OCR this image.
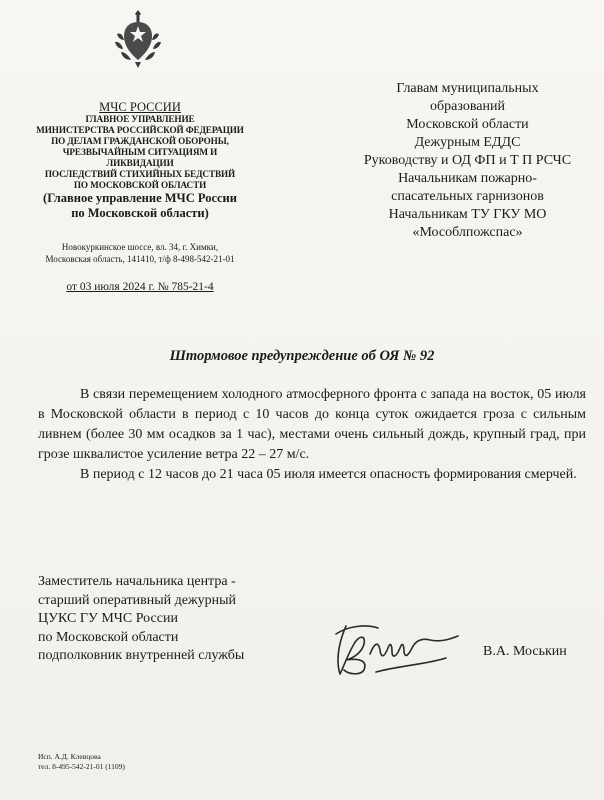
МЧС РОССИИ

ГЛАВНОЕ УПРАВЛЕНИЕ

МИНИСТЕРСТВА РОССИЙСКОЙ ФЕДЕРАЦИИ

ПО ДЕЛАМ ГРАЖДАНСКОЙ ОБОРОНЫ,

ЧРЕЗВЫЧАЙНЫМ СИТУАЦИЯМ И ЛИКВИДАЦИИ

ПОСЛЕДСТВИЙ СТИХИЙНЫХ БЕДСТВИЙ

ПО МОСКОВСКОЙ ОБЛАСТИ

(Главное управление МЧС России

по Московской области)

Новокуркинское шоссе, вл. 34, г. Химки,
Московская область, 141410, т/ф 8-498-542-21-01
от 03 июля 2024 г. № 785-21-4
Главам муниципальных
образований
Московской области
Дежурным ЕДДС
Руководству и ОД ФП и Т П РСЧС
Начальникам пожарно-
спасательных гарнизонов
Начальникам ТУ ГКУ МО
«Мособлпожспас»
Штормовое предупреждение об ОЯ № 92

В связи перемещением холодного атмосферного фронта с запада на восток, 05 июля в Московской области в период с 10 часов до конца суток ожидается гроза с сильным ливнем (более 30 мм осадков за 1 час), местами очень сильный дождь, крупный град, при грозе шквалистое усиление ветра 22 – 27 м/с.

В период с 12 часов до 21 часа 05 июля имеется опасность формирования смерчей.

Заместитель начальника центра -
старший оперативный дежурный
ЦУКС ГУ МЧС России
по Московской области
подполковник внутренней службы	В.А. Моськин
Исп. А.Д. Клевцова
тел. 8-495-542-21-01 (1109)
